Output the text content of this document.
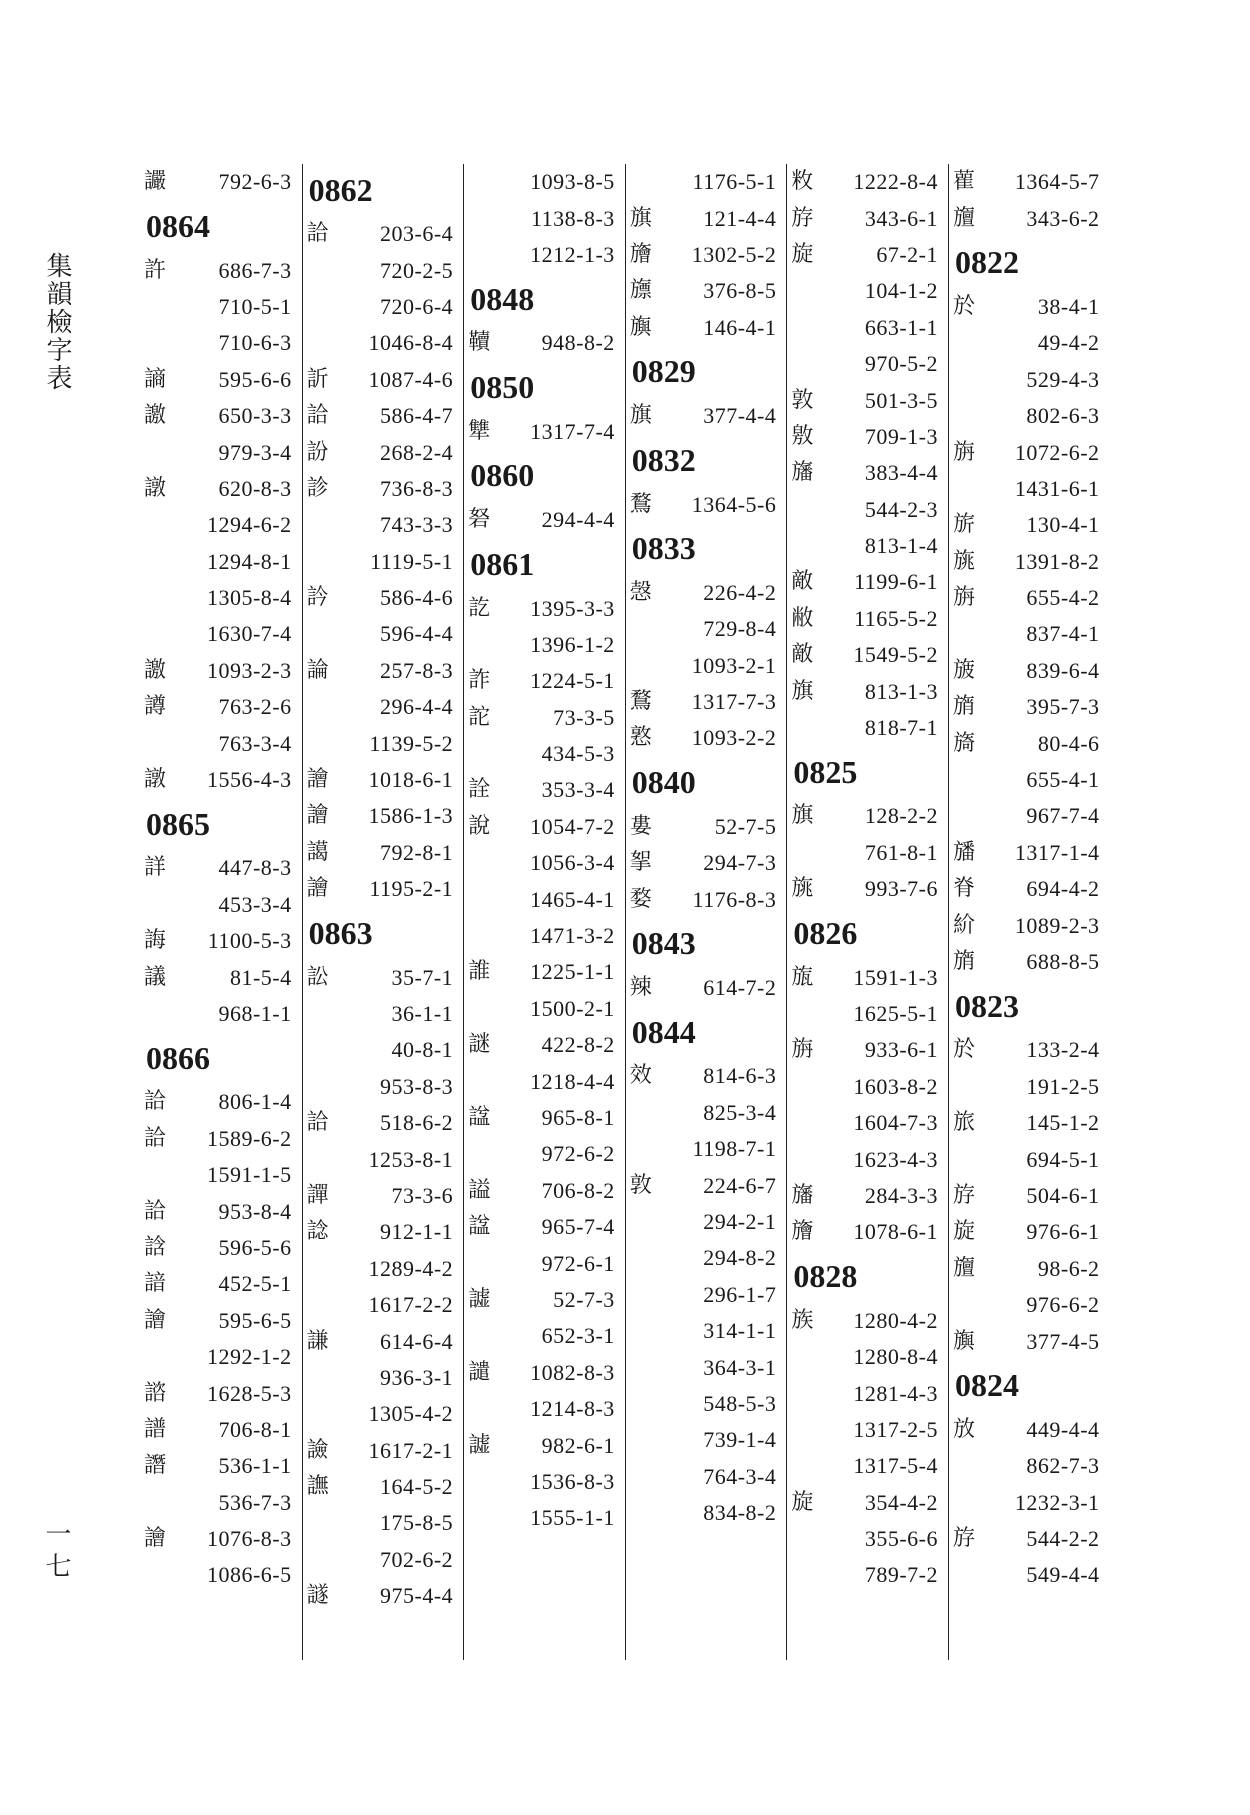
集韻檢字表
一七
讝	792-6-3
0864
許	686-7-3
710-5-1
710-6-3
謪	595-6-6
譤	650-3-3
979-3-4
譈	620-8-3
1294-6-2
1294-8-1
1305-8-4
1630-7-4
譤	1093-2-3
譐	763-2-6
763-3-4
譈	1556-4-3
0865
詳	447-8-3
453-3-4
誨	1100-5-3
議	81-5-4
968-1-1
0866
詥	806-1-4
詥	1589-6-2
1591-1-5
詥	953-8-4
誝	596-5-6
諳	452-5-1
譮	595-6-5
1292-1-2
諮	1628-5-3
譜	706-8-1
譖	536-1-1
536-7-3
譮	1076-8-3
1086-6-5
0862
詥	203-6-4
720-2-5
720-6-4
1046-8-4
訢	1087-4-6
詥	586-4-7
訜	268-2-4
診	736-8-3
743-3-3
1119-5-1
訡	586-4-6
596-4-4
論	257-8-3
296-4-4
1139-5-2
譮	1018-6-1
譮	1586-1-3
譪	792-8-1
譮	1195-2-1
0863
訟	35-7-1
36-1-1
40-8-1
953-8-3
詥	518-6-2
1253-8-1
譂	73-3-6
諗	912-1-1
1289-4-2
1617-2-2
謙	614-6-4
936-3-1
1305-4-2
譣	1617-2-1
譕	164-5-2
175-8-5
702-6-2
譢	975-4-4
1093-8-5
1138-8-3
1212-1-3
0848
韇	948-8-2
0850
犨	1317-7-4
0860
砮	294-4-4
0861
訖	1395-3-3
1396-1-2
詐	1224-5-1
詑	73-3-5
434-5-3
詮	353-3-4
說	1054-7-2
1056-3-4
1465-4-1
1471-3-2
誰	1225-1-1
1500-2-1
謎	422-8-2
1218-4-4
諡	965-8-1
972-6-2
謚	706-8-2
諡	965-7-4
972-6-1
譃	52-7-3
652-3-1
譴	1082-8-3
1214-8-3
譃	982-6-1
1536-8-3
1555-1-1
1176-5-1
旗	121-4-4
旝	1302-5-2
旚	376-8-5
旟	146-4-1
0829
旗	377-4-4
0832
鶩	1364-5-6
0833
愨	226-4-2
729-8-4
1093-2-1
鶩	1317-7-3
憝	1093-2-2
0840
婁	52-7-5
挐	294-7-3
婺	1176-8-3
0843
辣	614-7-2
0844
效	814-6-3
825-3-4
1198-7-1
敦	224-6-7
294-2-1
294-8-2
296-1-7
314-1-1
364-3-1
548-5-3
739-1-4
764-3-4
834-8-2
敉	1222-8-4
斿	343-6-1
旋	67-2-1
104-1-2
663-1-1
970-5-2
敦	501-3-5
敫	709-1-3
旛	383-4-4
544-2-3
813-1-4
敵	1199-6-1
敝	1165-5-2
敵	1549-5-2
旗	813-1-3
818-7-1
0825
旗	128-2-2
761-8-1
旐	993-7-6
0826
旊	1591-1-3
1625-5-1
旃	933-6-1
1603-8-2
1604-7-3
1623-4-3
旛	284-3-3
旝	1078-6-1
0828
族	1280-4-2
1280-8-4
1281-4-3
1317-2-5
1317-5-4
旋	354-4-2
355-6-6
789-7-2
雚	1364-5-7
旜	343-6-2
0822
於	38-4-1
49-4-2
529-4-3
802-6-3
旃	1072-6-2
1431-6-1
旂	130-4-1
旐	1391-8-2
旃	655-4-2
837-4-1
旇	839-6-4
旓	395-7-3
旖	80-4-6
655-4-1
967-7-4
旙	1317-1-4
脊	694-4-2
紒	1089-2-3
旓	688-8-5
0823
於	133-2-4
191-2-5
旅	145-1-2
694-5-1
斿	504-6-1
旋	976-6-1
旜	98-6-2
976-6-2
旟	377-4-5
0824
放	449-4-4
862-7-3
1232-3-1
斿	544-2-2
549-4-4
